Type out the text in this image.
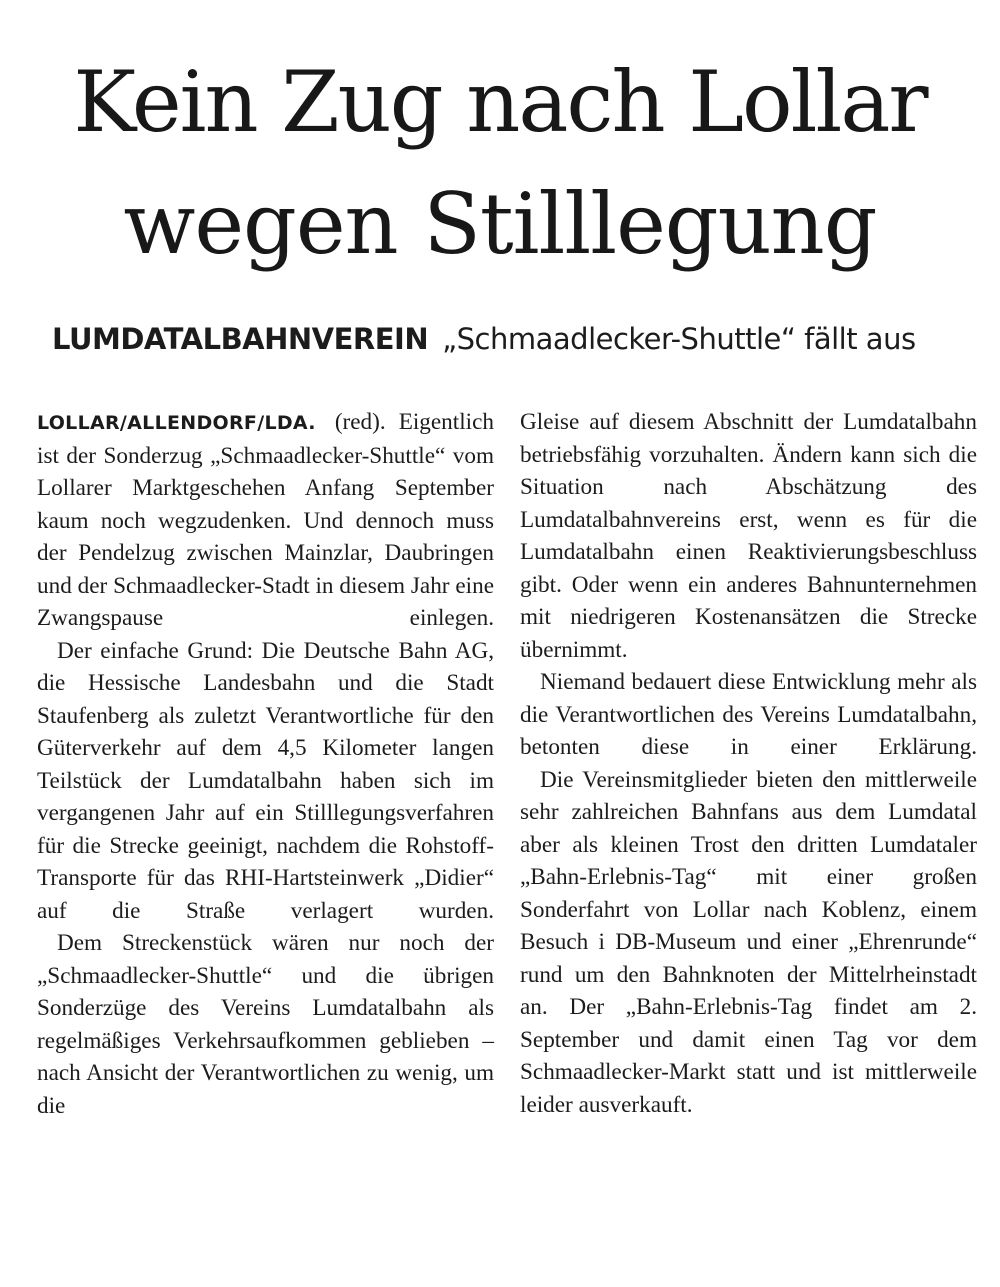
Kein Zug nach Lollar
wegen Stilllegung
LUMDATALBAHNVEREIN „Schmaadlecker-Shuttle“ fällt aus

LOLLAR/ALLENDORF/LDA. (red). Eigentlich ist der Sonderzug „Schmaadlecker-Shuttle“ vom Lollarer Marktgeschehen Anfang September kaum noch wegzudenken. Und dennoch muss der Pendelzug zwischen Mainzlar, Daubringen und der Schmaadlecker-Stadt in diesem Jahr eine Zwangspause einlegen.

Der einfache Grund: Die Deutsche Bahn AG, die Hessische Landesbahn und die Stadt Staufenberg als zuletzt Verantwortliche für den Güterverkehr auf dem 4,5 Kilometer langen Teilstück der Lumdatalbahn haben sich im vergangenen Jahr auf ein Stilllegungsverfahren für die Strecke geeinigt, nachdem die Rohstoff-Transporte für das RHI-Hartsteinwerk „Didier“ auf die Straße verlagert wurden.

Dem Streckenstück wären nur noch der „Schmaadlecker-Shuttle“ und die übrigen Sonderzüge des Vereins Lumdatalbahn als regelmäßiges Verkehrsaufkommen geblieben – nach Ansicht der Verantwortlichen zu wenig, um die

Gleise auf diesem Abschnitt der Lumdatalbahn betriebsfähig vorzuhalten. Ändern kann sich die Situation nach Abschätzung des Lumdatalbahnvereins erst, wenn es für die Lumdatalbahn einen Reaktivierungsbeschluss gibt. Oder wenn ein anderes Bahnunternehmen mit niedrigeren Kostenansätzen die Strecke übernimmt.

Niemand bedauert diese Entwicklung mehr als die Verantwortlichen des Vereins Lumdatalbahn, betonten diese in einer Erklärung.

Die Vereinsmitglieder bieten den mittlerweile sehr zahlreichen Bahnfans aus dem Lumdatal aber als kleinen Trost den dritten Lumdataler „Bahn-Erlebnis-Tag“ mit einer großen Sonderfahrt von Lollar nach Koblenz, einem Besuch i DB-Museum und einer „Ehrenrunde“ rund um den Bahnknoten der Mittelrheinstadt an. Der „Bahn-Erlebnis-Tag findet am 2. September und damit einen Tag vor dem Schmaadlecker-Markt statt und ist mittlerweile leider ausverkauft.
